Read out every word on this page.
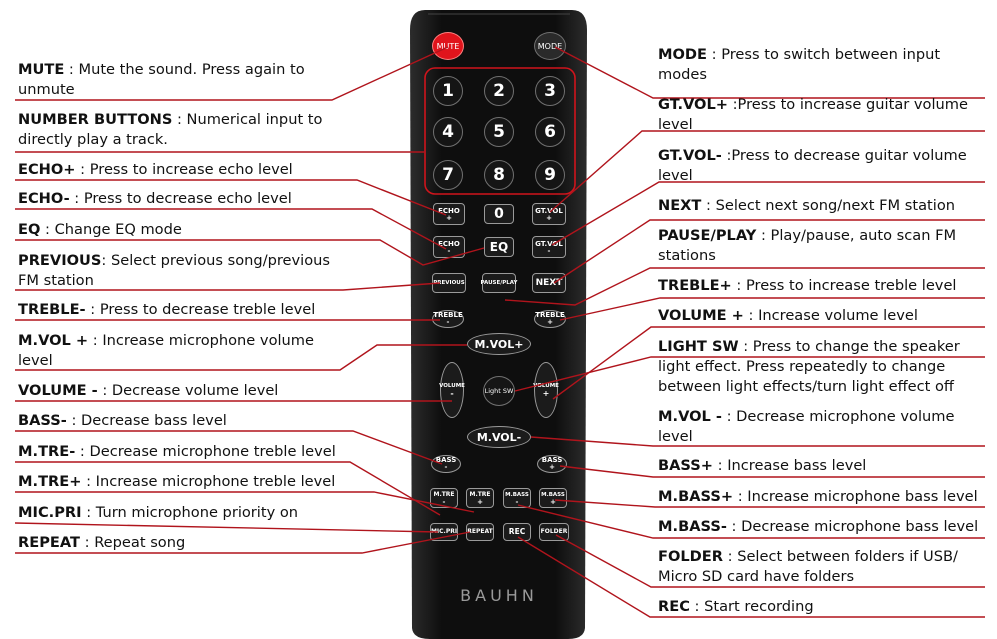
MUTE	MODE
1	2	3
4	5	6
7	8	9
ECHO
+	0	GT.VOL
+
ECHO
-	EQ	GT.VOL
-
PREVIOUS	PAUSE/PLAY	NEXT
TREBLE
-
TREBLE
+
M.VOL+
VOLUME
-	Light SW
VOLUME
+
M.VOL-
BASS
-
BASS
+
M.TRE
-
M.TRE
+
M.BASS
-
M.BASS
+
MIC.PRI REPEAT	REC	FOLDER
BAUHN
MUTE : Mute the sound. Press again to unmute
NUMBER BUTTONS : Numerical input to directly play a track.
ECHO+ : Press to increase echo level
ECHO- : Press to decrease echo level
EQ : Change EQ mode
PREVIOUS: Select previous song/previous FM station
TREBLE- : Press to decrease treble level
M.VOL + : Increase microphone volume level
VOLUME - : Decrease volume level
BASS- : Decrease bass level
M.TRE- : Decrease microphone treble level
M.TRE+ : Increase microphone treble level
MIC.PRI : Turn microphone priority on
REPEAT : Repeat song
MODE : Press to switch between input modes
GT.VOL+ :Press to increase guitar volume level
GT.VOL- :Press to decrease guitar volume level
NEXT : Select next song/next FM station
PAUSE/PLAY : Play/pause, auto scan FM stations
TREBLE+ : Press to increase treble level
VOLUME + : Increase volume level
LIGHT SW : Press to change the speaker light effect. Press repeatedly to change between light effects/turn light effect off
M.VOL - : Decrease microphone volume level
BASS+ : Increase bass level
M.BASS+ : Increase microphone bass level
M.BASS- : Decrease microphone bass level
FOLDER : Select between folders if USB/ Micro SD card have folders
REC : Start recording
